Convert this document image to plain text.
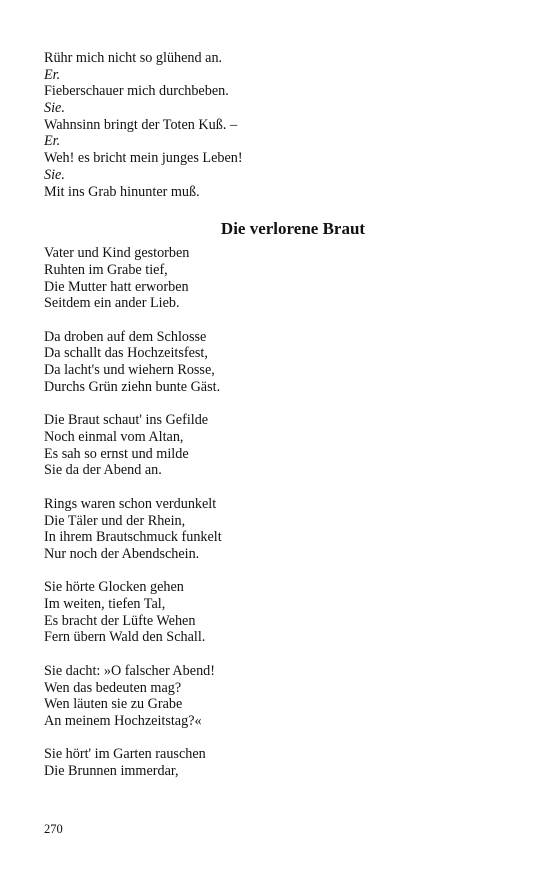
Rühr mich nicht so glühend an.
Er.
Fieberschauer mich durchbeben.
Sie.
Wahnsinn bringt der Toten Kuß. –
Er.
Weh! es bricht mein junges Leben!
Sie.
Mit ins Grab hinunter muß.
Die verlorene Braut
Vater und Kind gestorben
Ruhten im Grabe tief,
Die Mutter hatt erworben
Seitdem ein ander Lieb.
Da droben auf dem Schlosse
Da schallt das Hochzeitsfest,
Da lacht's und wiehern Rosse,
Durchs Grün ziehn bunte Gäst.
Die Braut schaut' ins Gefilde
Noch einmal vom Altan,
Es sah so ernst und milde
Sie da der Abend an.
Rings waren schon verdunkelt
Die Täler und der Rhein,
In ihrem Brautschmuck funkelt
Nur noch der Abendschein.
Sie hörte Glocken gehen
Im weiten, tiefen Tal,
Es bracht der Lüfte Wehen
Fern übern Wald den Schall.
Sie dacht: »O falscher Abend!
Wen das bedeuten mag?
Wen läuten sie zu Grabe
An meinem Hochzeitstag?«
Sie hört' im Garten rauschen
Die Brunnen immerdar,
270
